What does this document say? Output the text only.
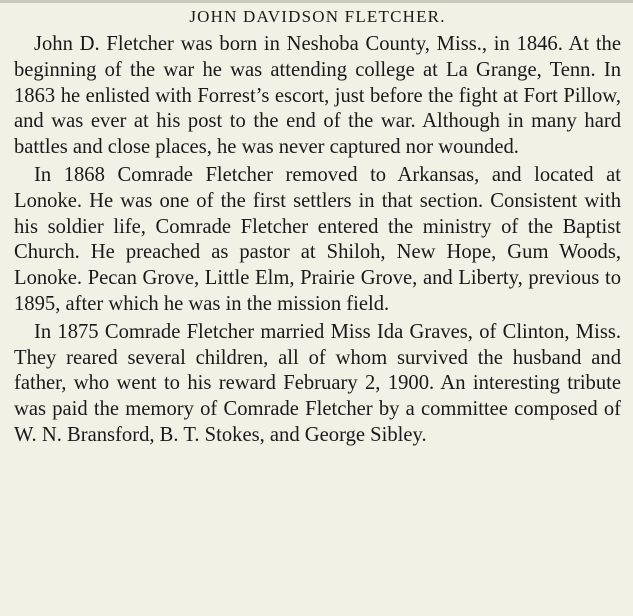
JOHN DAVIDSON FLETCHER.

John D. Fletcher was born in Neshoba County, Miss., in 1846. At the beginning of the war he was attending college at La Grange, Tenn. In 1863 he enlisted with Forrest’s escort, just before the fight at Fort Pillow, and was ever at his post to the end of the war. Although in many hard battles and close places, he was never captured nor wounded.

In 1868 Comrade Fletcher removed to Arkansas, and located at Lonoke. He was one of the first settlers in that section. Consistent with his soldier life, Comrade Fletcher entered the ministry of the Baptist Church. He preached as pastor at Shiloh, New Hope, Gum Woods, Lonoke. Pecan Grove, Little Elm, Prairie Grove, and Liberty, previous to 1895, after which he was in the mission field.

In 1875 Comrade Fletcher married Miss Ida Graves, of Clinton, Miss. They reared several children, all of whom survived the husband and father, who went to his reward February 2, 1900. An interesting tribute was paid the memory of Comrade Fletcher by a committee composed of W. N. Bransford, B. T. Stokes, and George Sibley.
